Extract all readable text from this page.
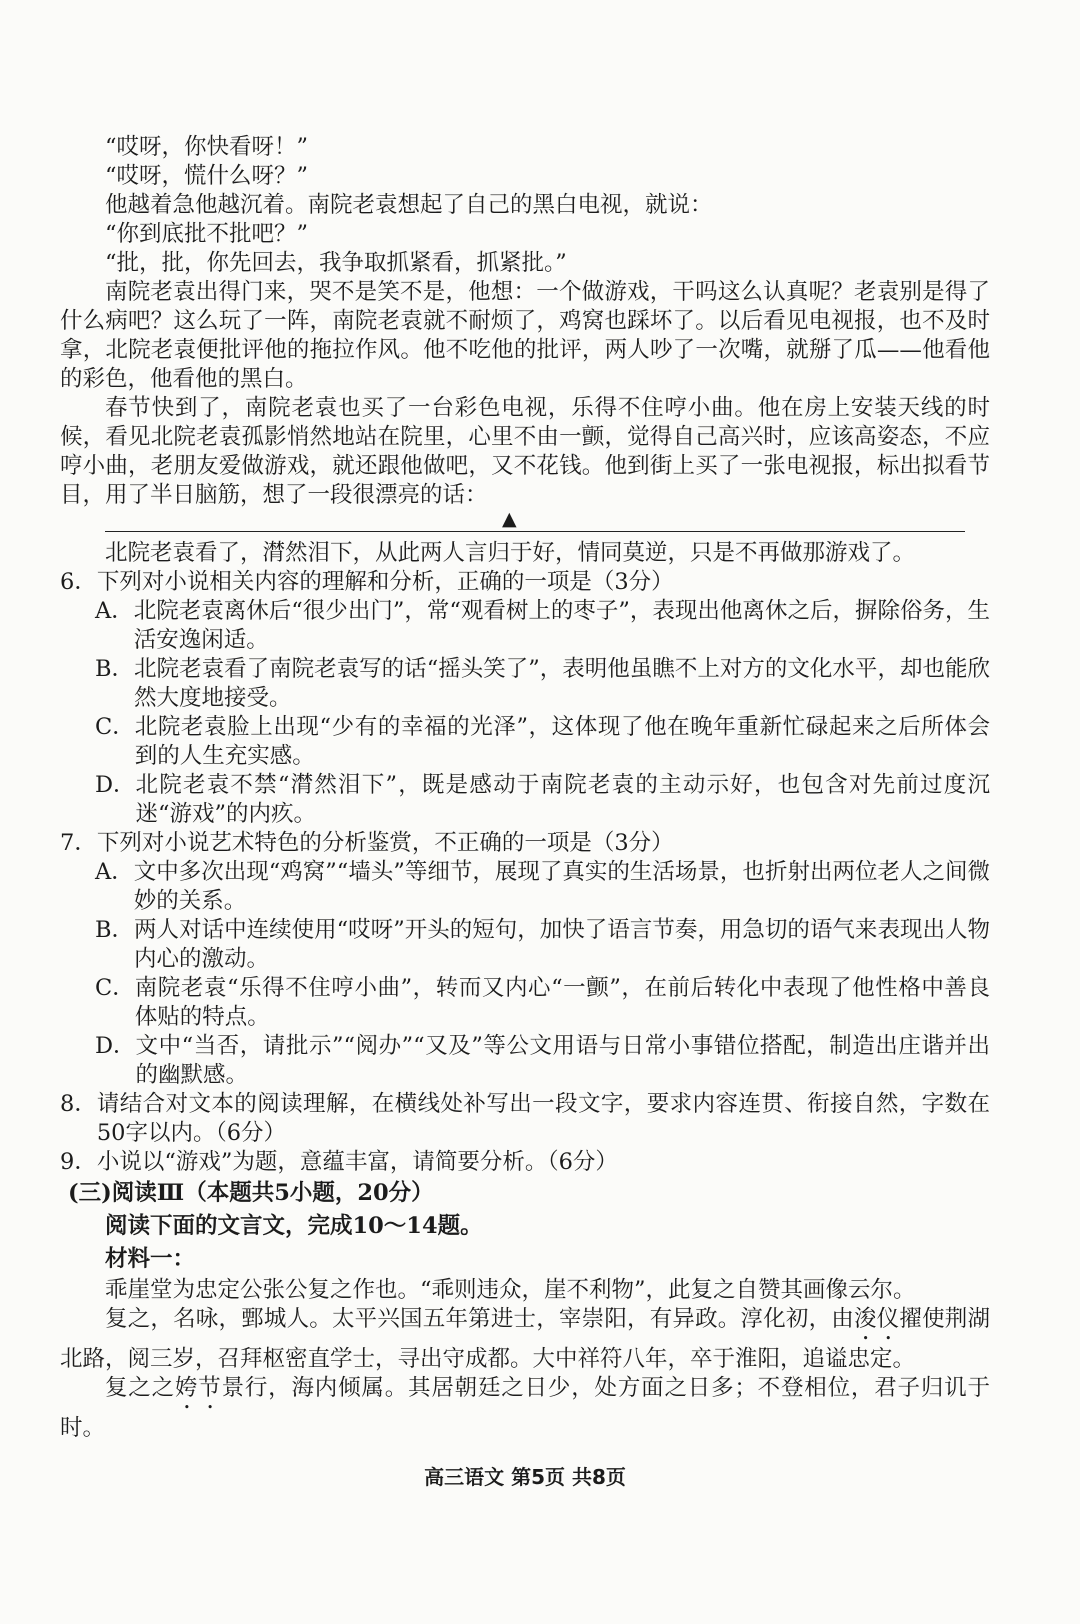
“哎呀，你快看呀！”

“哎呀，慌什么呀？”

他越着急他越沉着。南院老袁想起了自己的黑白电视，就说：

“你到底批不批吧？”

“批，批，你先回去，我争取抓紧看，抓紧批。”

南院老袁出得门来，哭不是笑不是，他想：一个做游戏，干吗这么认真呢？老袁别是得了什么病吧？这么玩了一阵，南院老袁就不耐烦了，鸡窝也踩坏了。以后看见电视报，也不及时拿，北院老袁便批评他的拖拉作风。他不吃他的批评，两人吵了一次嘴，就掰了瓜——他看他的彩色，他看他的黑白。

春节快到了，南院老袁也买了一台彩色电视，乐得不住哼小曲。他在房上安装天线的时候，看见北院老袁孤影悄然地站在院里，心里不由一颤，觉得自己高兴时，应该高姿态，不应哼小曲，老朋友爱做游戏，就还跟他做吧，又不花钱。他到街上买了一张电视报，标出拟看节目，用了半日脑筋，想了一段很漂亮的话：

▲

北院老袁看了，潸然泪下，从此两人言归于好，情同莫逆，只是不再做那游戏了。

6． 下列对小说相关内容的理解和分析，正确的一项是（3分）
A． 北院老袁离休后“很少出门”，常“观看树上的枣子”，表现出他离休之后，摒除俗务，生活安逸闲适。
B． 北院老袁看了南院老袁写的话“摇头笑了”，表明他虽瞧不上对方的文化水平，却也能欣然大度地接受。
C． 北院老袁脸上出现“少有的幸福的光泽”，这体现了他在晚年重新忙碌起来之后所体会到的人生充实感。
D． 北院老袁不禁“潸然泪下”，既是感动于南院老袁的主动示好，也包含对先前过度沉迷“游戏”的内疚。
7． 下列对小说艺术特色的分析鉴赏，不正确的一项是（3分）
A． 文中多次出现“鸡窝”“墙头”等细节，展现了真实的生活场景，也折射出两位老人之间微妙的关系。
B． 两人对话中连续使用“哎呀”开头的短句，加快了语言节奏，用急切的语气来表现出人物内心的激动。
C． 南院老袁“乐得不住哼小曲”，转而又内心“一颤”，在前后转化中表现了他性格中善良体贴的特点。
D． 文中“当否，请批示”“阅办”“又及”等公文用语与日常小事错位搭配，制造出庄谐并出的幽默感。
8． 请结合对文本的阅读理解，在横线处补写出一段文字，要求内容连贯、衔接自然，字数在50字以内。（6分）
9． 小说以“游戏”为题，意蕴丰富，请简要分析。（6分）

(三)阅读Ⅲ（本题共5小题，20分）

阅读下面的文言文，完成10～14题。

材料一：

乖崖堂为忠定公张公复之作也。“乖则违众，崖不利物”，此复之自赞其画像云尔。

复之，名咏，鄄城人。太平兴国五年第进士，宰崇阳，有异政。淳化初，由浚仪擢使荆湖北路，阅三岁，召拜枢密直学士，寻出守成都。大中祥符八年，卒于淮阳，追谥忠定。

复之之姱节景行，海内倾属。其居朝廷之日少，处方面之日多；不登相位，君子归讥于时。

高三语文 第5页 共8页
